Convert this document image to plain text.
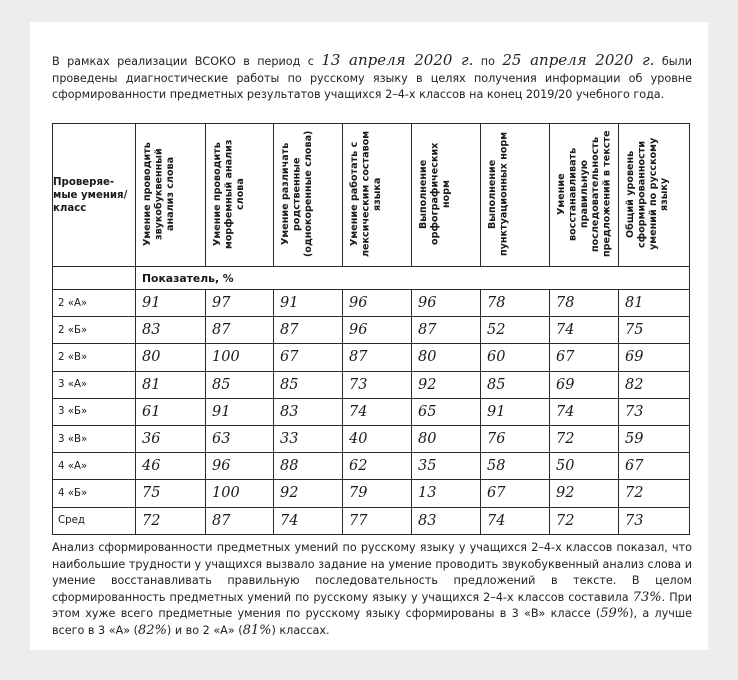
В рамках реализации ВСОКО в период с 13 апреля 2020 г. по 25 апреля 2020 г. были проведены диагностические работы по русскому языку в целях получения информации об уровне сформированности предметных результатов учащихся 2–4-х классов на конец 2019/20 учебного года.

Проверяе-мые умения/ класс	Умение проводить звукобуквенный анализ слова	Умение проводить морфемный анализ слова	Умение различать родственные (однокоренные слова)	Умение работать с лексическим составом языка	Выполнение орфографических норм	Выполнение пунктуационных норм	Умение восстанавливать правильную последовательность предложений в тексте	Общий уровень сформированности умений по русскому языку

	Показатель, %							
2 «А»	91	97	91	96	96	78	78	81
2 «Б»	83	87	87	96	87	52	74	75
2 «В»	80	100	67	87	80	60	67	69
3 «А»	81	85	85	73	92	85	69	82
3 «Б»	61	91	83	74	65	91	74	73
3 «В»	36	63	33	40	80	76	72	59
4 «А»	46	96	88	62	35	58	50	67
4 «Б»	75	100	92	79	13	67	92	72
Сред	72	87	74	77	83	74	72	73

Анализ сформированности предметных умений по русскому языку у учащихся 2–4-х классов показал, что наибольшие трудности у учащихся вызвало задание на умение проводить звукобуквенный анализ слова и умение восстанавливать правильную последовательность предложений в тексте. В целом сформированность предметных умений по русскому языку у учащихся 2–4-х классов составила 73%. При этом хуже всего предметные умения по русскому языку сформированы в 3 «В» классе (59%), а лучше всего в 3 «А» (82%) и во 2 «А» (81%) классах.
